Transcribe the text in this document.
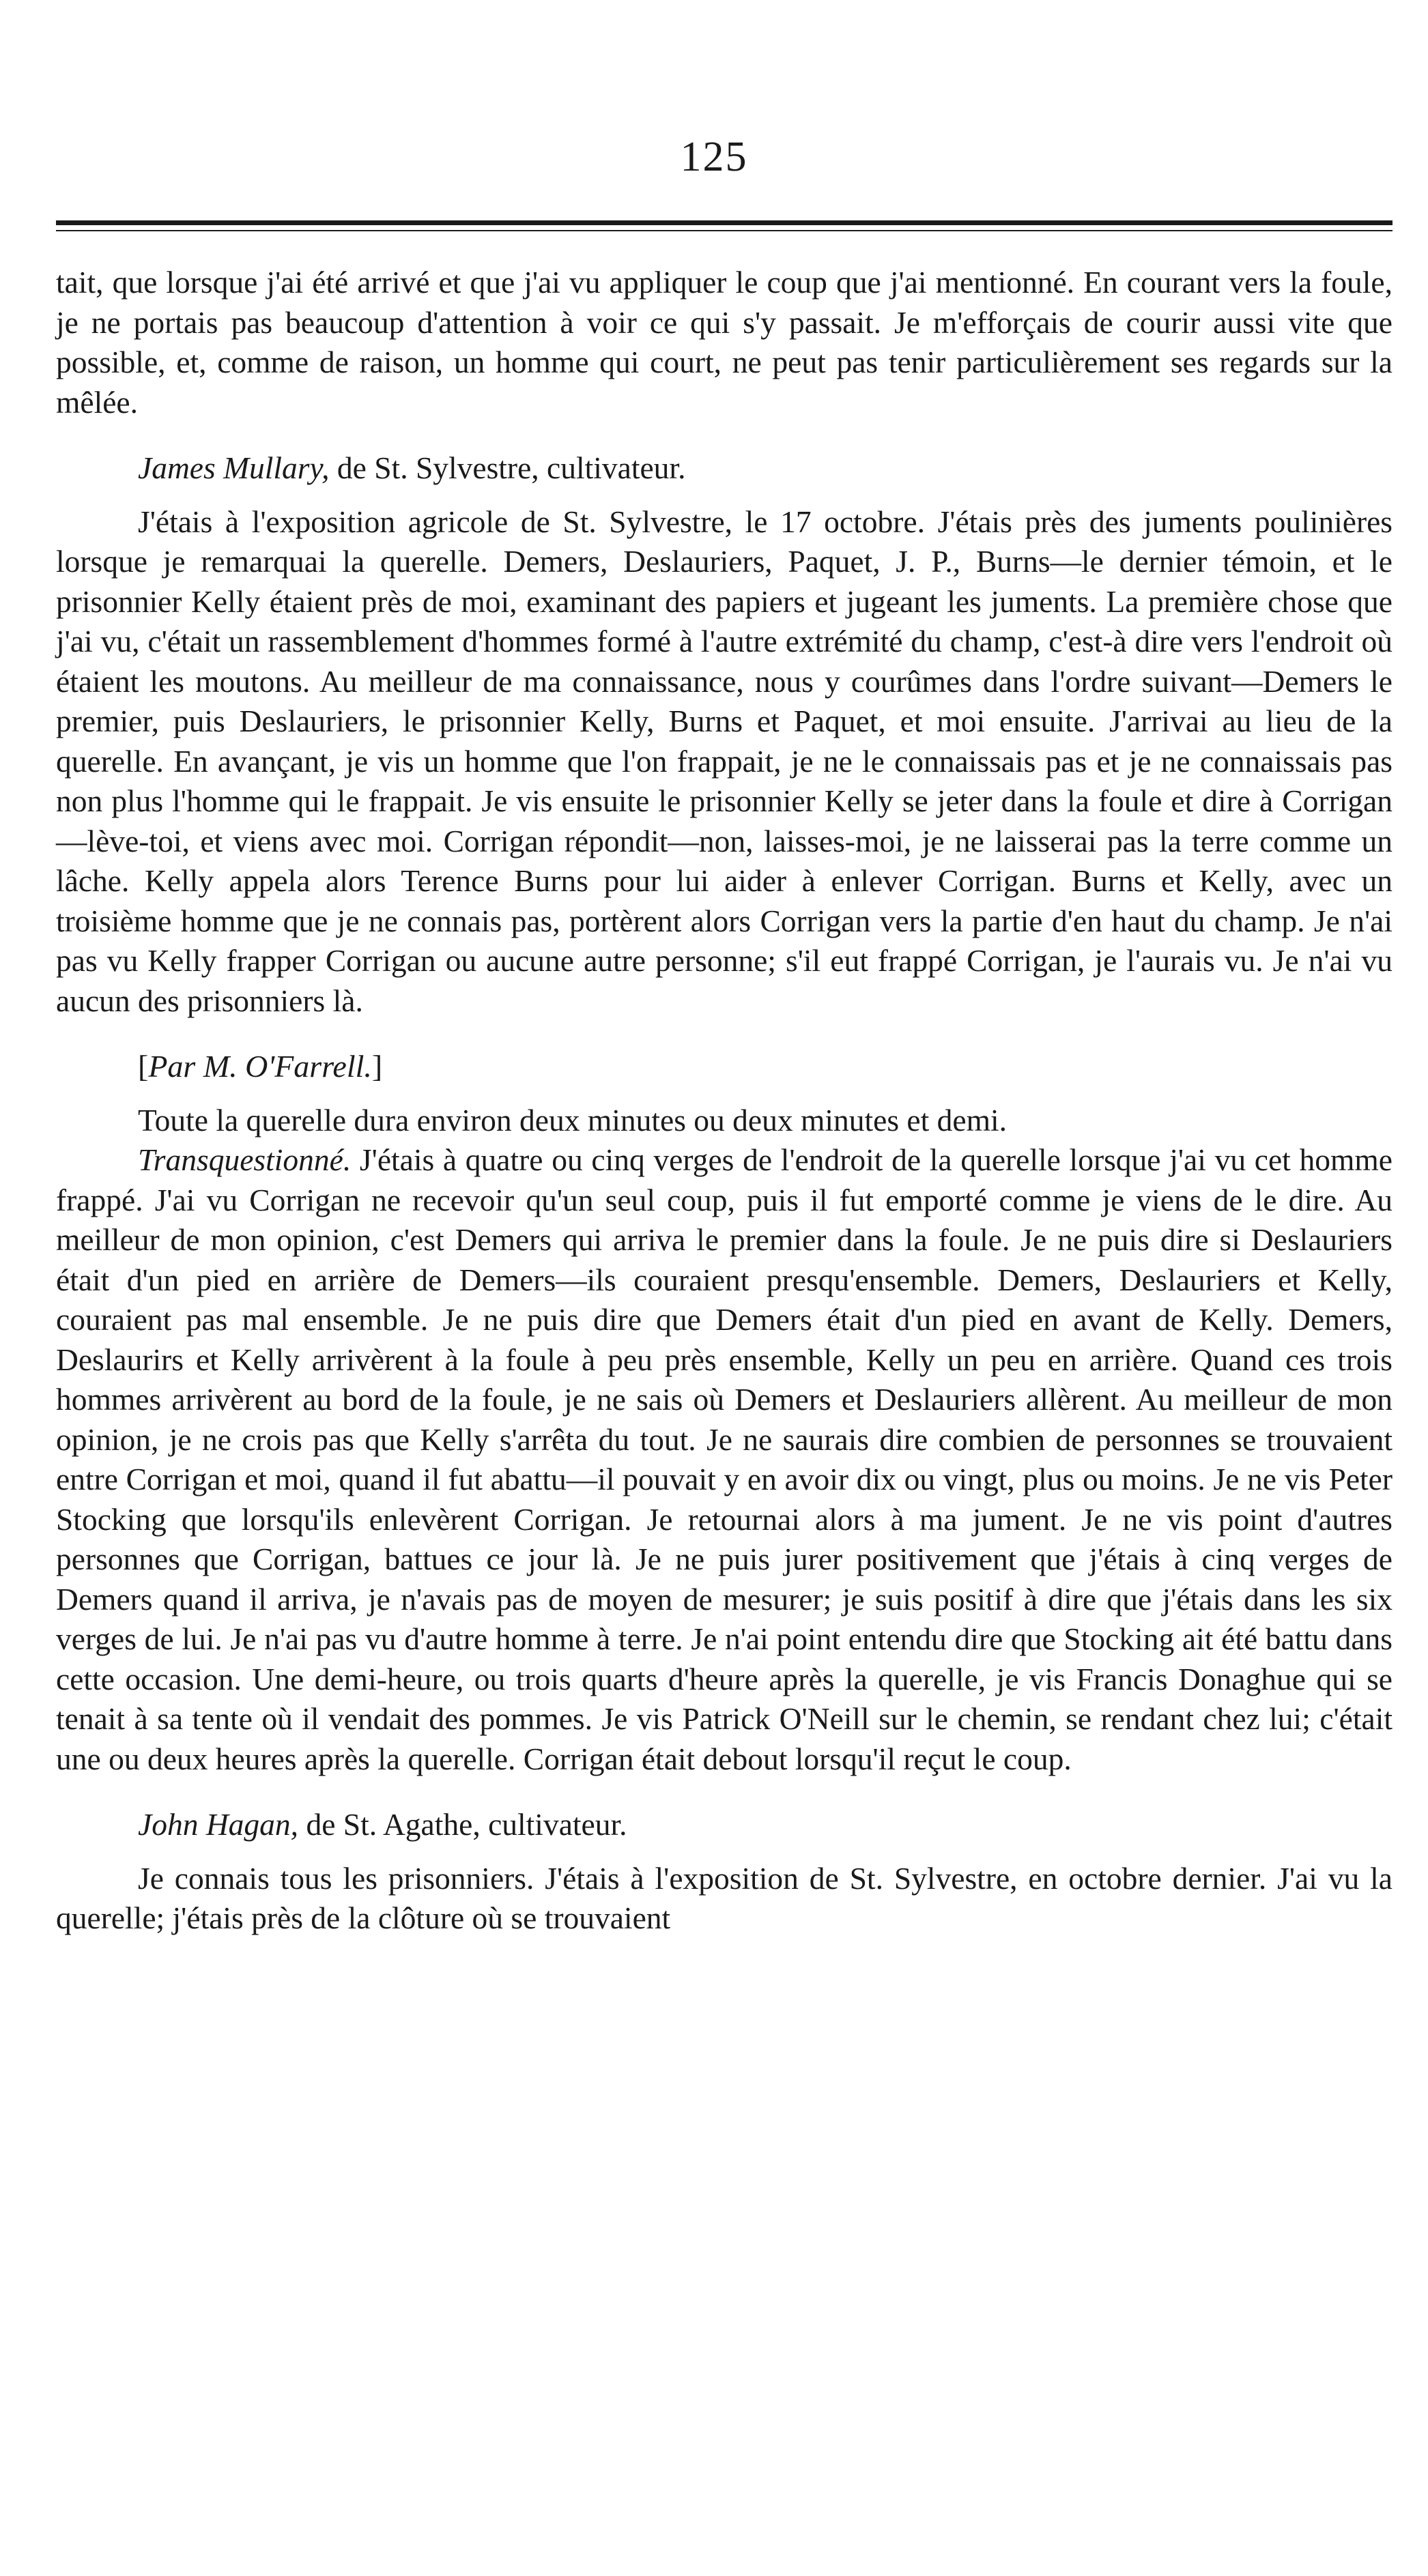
125

tait, que lorsque j'ai été arrivé et que j'ai vu appliquer le coup que j'ai mentionné. En courant vers la foule, je ne portais pas beaucoup d'attention à voir ce qui s'y passait. Je m'efforçais de courir aussi vite que possible, et, comme de raison, un homme qui court, ne peut pas tenir particulièrement ses regards sur la mêlée.

James Mullary, de St. Sylvestre, cultivateur.

J'étais à l'exposition agricole de St. Sylvestre, le 17 octobre. J'étais près des juments poulinières lorsque je remarquai la querelle. Demers, Deslauriers, Paquet, J. P., Burns—le dernier témoin, et le prisonnier Kelly étaient près de moi, examinant des papiers et jugeant les juments. La première chose que j'ai vu, c'était un rassemblement d'hommes formé à l'autre extrémité du champ, c'est-à dire vers l'endroit où étaient les moutons. Au meilleur de ma connaissance, nous y courûmes dans l'ordre suivant—Demers le premier, puis Deslauriers, le prisonnier Kelly, Burns et Paquet, et moi ensuite. J'arrivai au lieu de la querelle. En avançant, je vis un homme que l'on frappait, je ne le connaissais pas et je ne connaissais pas non plus l'homme qui le frappait. Je vis ensuite le prisonnier Kelly se jeter dans la foule et dire à Corrigan—lève-toi, et viens avec moi. Corrigan répondit—non, laisses-moi, je ne laisserai pas la terre comme un lâche. Kelly appela alors Terence Burns pour lui aider à enlever Corrigan. Burns et Kelly, avec un troisième homme que je ne connais pas, portèrent alors Corrigan vers la partie d'en haut du champ. Je n'ai pas vu Kelly frapper Corrigan ou aucune autre personne; s'il eut frappé Corrigan, je l'aurais vu. Je n'ai vu aucun des prisonniers là.

[Par M. O'Farrell.]

Toute la querelle dura environ deux minutes ou deux minutes et demi.

Transquestionné. J'étais à quatre ou cinq verges de l'endroit de la querelle lorsque j'ai vu cet homme frappé. J'ai vu Corrigan ne recevoir qu'un seul coup, puis il fut emporté comme je viens de le dire. Au meilleur de mon opinion, c'est Demers qui arriva le premier dans la foule. Je ne puis dire si Deslauriers était d'un pied en arrière de Demers—ils couraient presqu'ensemble. Demers, Deslauriers et Kelly, couraient pas mal ensemble. Je ne puis dire que Demers était d'un pied en avant de Kelly. Demers, Deslaurirs et Kelly arrivèrent à la foule à peu près ensemble, Kelly un peu en arrière. Quand ces trois hommes arrivèrent au bord de la foule, je ne sais où Demers et Deslauriers allèrent. Au meilleur de mon opinion, je ne crois pas que Kelly s'arrêta du tout. Je ne saurais dire combien de personnes se trouvaient entre Corrigan et moi, quand il fut abattu—il pouvait y en avoir dix ou vingt, plus ou moins. Je ne vis Peter Stocking que lorsqu'ils enlevèrent Corrigan. Je retournai alors à ma jument. Je ne vis point d'autres personnes que Corrigan, battues ce jour là. Je ne puis jurer positivement que j'étais à cinq verges de Demers quand il arriva, je n'avais pas de moyen de mesurer; je suis positif à dire que j'étais dans les six verges de lui. Je n'ai pas vu d'autre homme à terre. Je n'ai point entendu dire que Stocking ait été battu dans cette occasion. Une demi-heure, ou trois quarts d'heure après la querelle, je vis Francis Donaghue qui se tenait à sa tente où il vendait des pommes. Je vis Patrick O'Neill sur le chemin, se rendant chez lui; c'était une ou deux heures après la querelle. Corrigan était debout lorsqu'il reçut le coup.

John Hagan, de St. Agathe, cultivateur.

Je connais tous les prisonniers. J'étais à l'exposition de St. Sylvestre, en octobre dernier. J'ai vu la querelle; j'étais près de la clôture où se trouvaient
